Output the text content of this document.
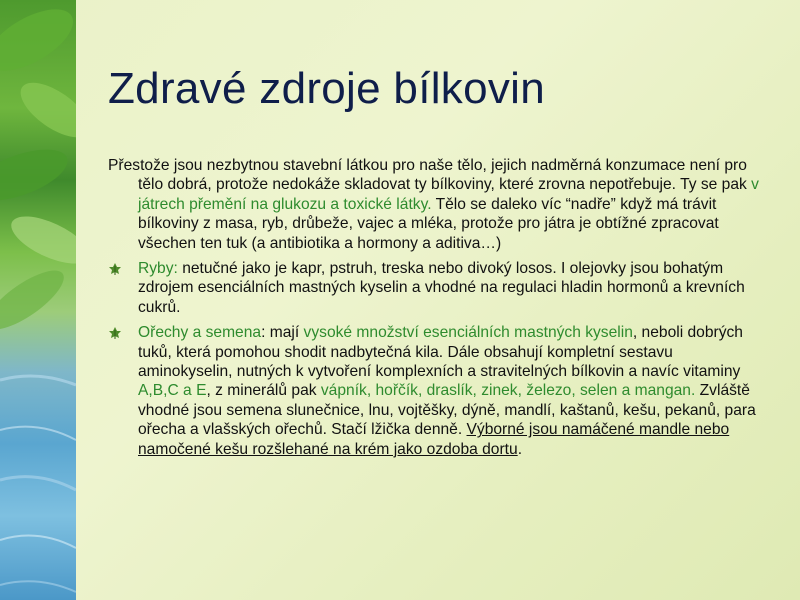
Zdravé zdroje bílkovin

Přestože jsou nezbytnou stavební látkou pro naše tělo, jejich nadměrná konzumace není pro tělo dobrá, protože nedokáže skladovat ty bílkoviny, které zrovna nepotřebuje. Ty se pak v játrech přemění na glukozu a toxické látky. Tělo se daleko víc “nadře” když má trávit bílkoviny z masa, ryb, drůbeže, vajec a mléka, protože pro játra je obtížné zpracovat všechen ten tuk (a antibiotika a hormony a aditiva…)

Ryby: netučné jako je kapr, pstruh, treska nebo divoký losos. I olejovky jsou bohatým zdrojem esenciálních mastných kyselin a vhodné na regulaci hladin hormonů a krevních cukrů.
Ořechy a semena: mají vysoké množství esenciálních mastných kyselin, neboli dobrých tuků, která pomohou shodit nadbytečná kila. Dále obsahují kompletní sestavu aminokyselin, nutných k vytvoření komplexních a stravitelných bílkovin a navíc vitaminy A,B,C a E, z minerálů pak vápník, hořčík, draslík, zinek, železo, selen a mangan. Zvláště vhodné jsou semena slunečnice, lnu, vojtěšky, dýně, mandlí, kaštanů, kešu, pekanů, para ořecha a vlašských ořechů. Stačí lžička denně. Výborné jsou namáčené mandle nebo namočené kešu rozšlehané na krém jako ozdoba dortu.
